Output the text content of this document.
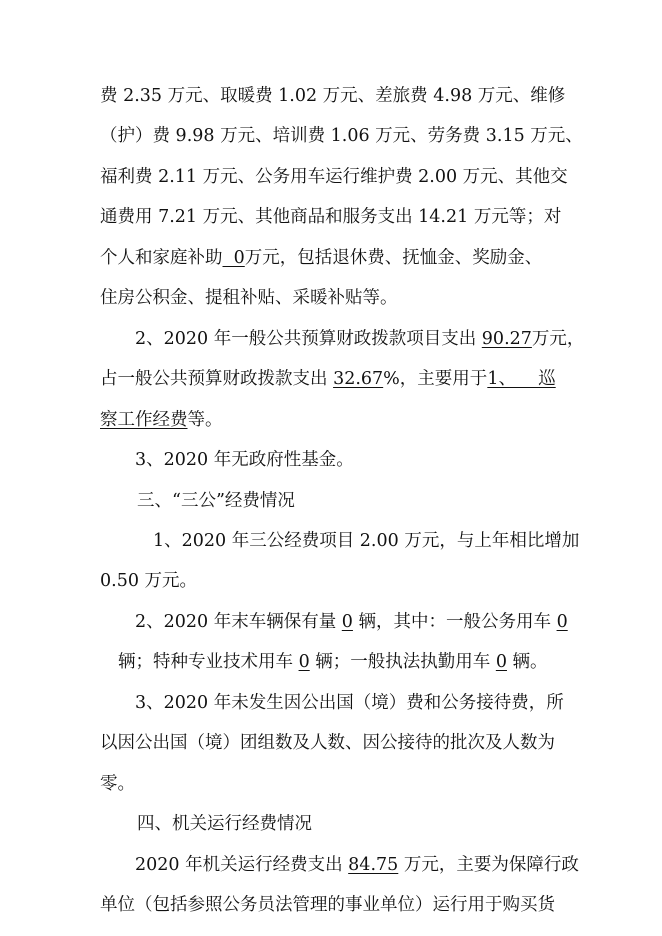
费 2.35 万元、取暖费 1.02 万元、差旅费 4.98 万元、维修
（护）费 9.98 万元、培训费 1.06 万元、劳务费 3.15 万元、
福利费 2.11 万元、公务用车运行维护费 2.00 万元、其他交
通费用 7.21 万元、其他商品和服务支出 14.21 万元等；对
个人和家庭补助  0万元，包括退休费、抚恤金、奖励金、
住房公积金、提租补贴、采暖补贴等。
2、2020 年一般公共预算财政拨款项目支出 90.27万元，
占一般公共预算财政拨款支出 32.67%，主要用于1、    巡
察工作经费等。
3、2020 年无政府性基金。
三、“三公”经费情况
1、2020 年三公经费项目 2.00 万元，与上年相比增加
0.50 万元。
2、2020 年末车辆保有量 0 辆，其中：一般公务用车 0
辆；特种专业技术用车 0 辆；一般执法执勤用车 0 辆。
3、2020 年未发生因公出国（境）费和公务接待费，所
以因公出国（境）团组数及人数、因公接待的批次及人数为
零。
四、机关运行经费情况
2020 年机关运行经费支出 84.75 万元，主要为保障行政
单位（包括参照公务员法管理的事业单位）运行用于购买货
